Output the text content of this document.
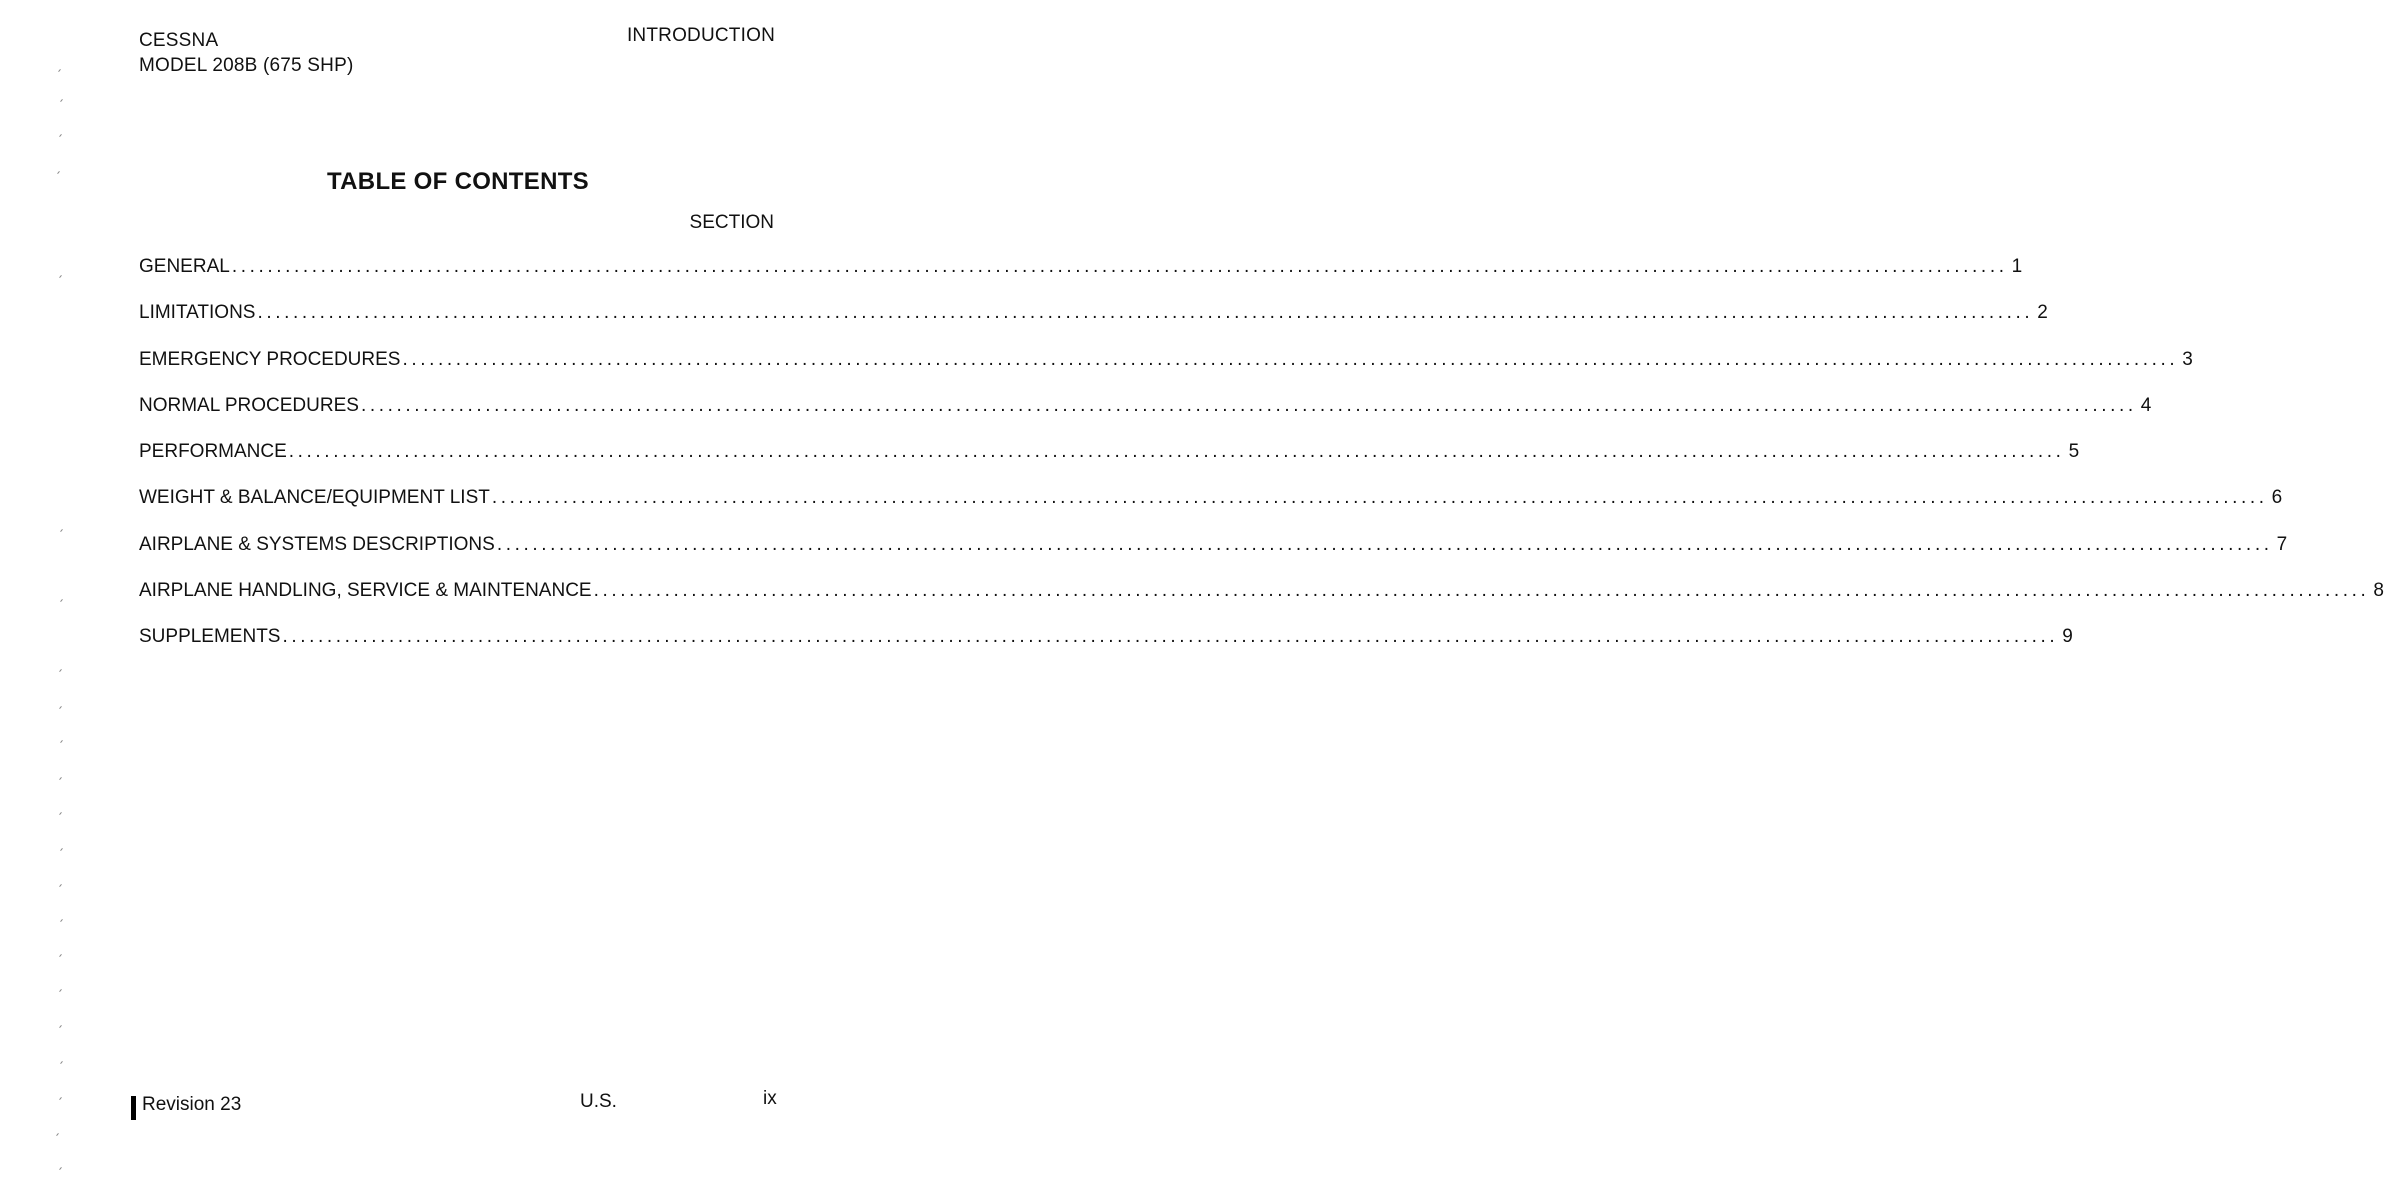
CESSNA
MODEL 208B (675 SHP)
INTRODUCTION
TABLE OF CONTENTS
SECTION
GENERAL ........................................................................................................................................................................................................ 1
LIMITATIONS ........................................................................................................................................................................................................ 2
EMERGENCY PROCEDURES ........................................................................................................................................................................................................ 3
NORMAL PROCEDURES ........................................................................................................................................................................................................ 4
PERFORMANCE ........................................................................................................................................................................................................ 5
WEIGHT & BALANCE/EQUIPMENT LIST ........................................................................................................................................................................................................ 6
AIRPLANE & SYSTEMS DESCRIPTIONS ........................................................................................................................................................................................................ 7
AIRPLANE HANDLING, SERVICE & MAINTENANCE ........................................................................................................................................................................................................ 8
SUPPLEMENTS ........................................................................................................................................................................................................ 9
Revision 23	U.S.	ix
